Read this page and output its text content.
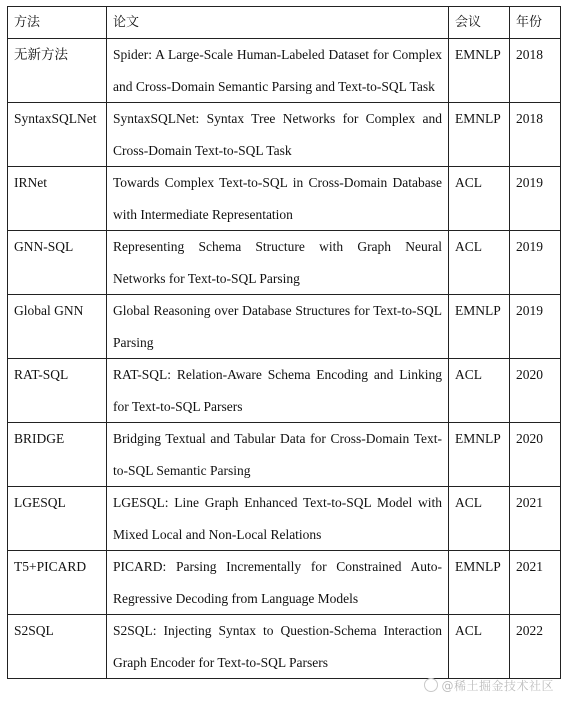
方法	论文	会议	年份
无新方法	Spider: A Large-Scale Human-Labeled Dataset for Complex and Cross-Domain Semantic Parsing and Text-to-SQL Task	EMNLP	2018
SyntaxSQLNet	SyntaxSQLNet: Syntax Tree Networks for Complex and Cross-Domain Text-to-SQL Task	EMNLP	2018
IRNet	Towards Complex Text-to-SQL in Cross-Domain Database with Intermediate Representation	ACL	2019
GNN-SQL	Representing Schema Structure with Graph Neural Networks for Text-to-SQL Parsing	ACL	2019
Global GNN	Global Reasoning over Database Structures for Text-to-SQL Parsing	EMNLP	2019
RAT-SQL	RAT-SQL: Relation-Aware Schema Encoding and Linking for Text-to-SQL Parsers	ACL	2020
BRIDGE	Bridging Textual and Tabular Data for Cross-Domain Text-to-SQL Semantic Parsing	EMNLP	2020
LGESQL	LGESQL: Line Graph Enhanced Text-to-SQL Model with Mixed Local and Non-Local Relations	ACL	2021
T5+PICARD	PICARD: Parsing Incrementally for Constrained Auto-Regressive Decoding from Language Models	EMNLP	2021
S2SQL	S2SQL: Injecting Syntax to Question-Schema Interaction Graph Encoder for Text-to-SQL Parsers	ACL	2022
@稀土掘金技术社区
